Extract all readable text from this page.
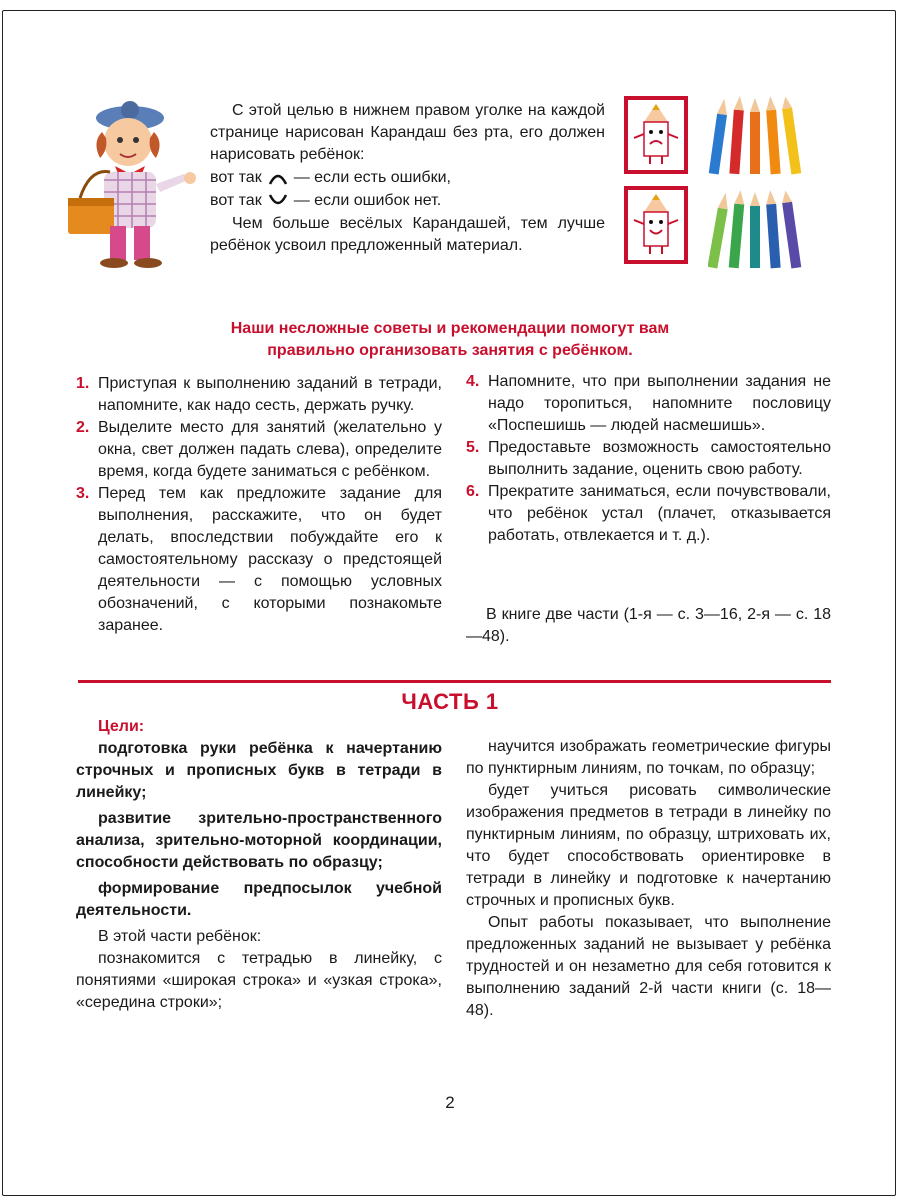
С этой целью в нижнем правом уголке на каждой странице нарисован Карандаш без рта, его должен нарисовать ребёнок:

вот так — если есть ошибки,
вот так — если ошибок нет.

Чем больше весёлых Карандашей, тем лучше ребёнок усвоил предложенный материал.

Наши несложные советы и рекомендации помогут вам
правильно организовать занятия с ребёнком.
1. Приступая к выполнению заданий в тетради, напомните, как надо сесть, держать ручку.

2. Выделите место для занятий (желательно у окна, свет должен падать слева), определите время, когда будете заниматься с ребёнком.

3. Перед тем как предложите задание для выполнения, расскажите, что он будет делать, впоследствии побуждайте его к самостоятельному рассказу о предстоящей деятельности — с помощью условных обозначений, с которыми познакомьте заранее.

4. Напомните, что при выполнении задания не надо торопиться, напомните пословицу «Поспешишь — людей насмешишь».

5. Предоставьте возможность самостоятельно выполнить задание, оценить свою работу.

6. Прекратите заниматься, если почувствовали, что ребёнок устал (плачет, отказывается работать, отвлекается и т. д.).

В книге две части (1-я — с. 3—16, 2-я — с. 18—48).

ЧАСТЬ 1

Цели:

подготовка руки ребёнка к начертанию строчных и прописных букв в тетради в линейку;

развитие зрительно-пространственного анализа, зрительно-моторной координации, способности действовать по образцу;

формирование предпосылок учебной деятельности.

В этой части ребёнок:

познакомится с тетрадью в линейку, с понятиями «широкая строка» и «узкая строка», «середина строки»;

научится изображать геометрические фигуры по пунктирным линиям, по точкам, по образцу;

будет учиться рисовать символические изображения предметов в тетради в линейку по пунктирным линиям, по образцу, штриховать их, что будет способствовать ориентировке в тетради в линейку и подготовке к начертанию строчных и прописных букв.

Опыт работы показывает, что выполнение предложенных заданий не вызывает у ребёнка трудностей и он незаметно для себя готовится к выполнению заданий 2-й части книги (с. 18—48).

2
